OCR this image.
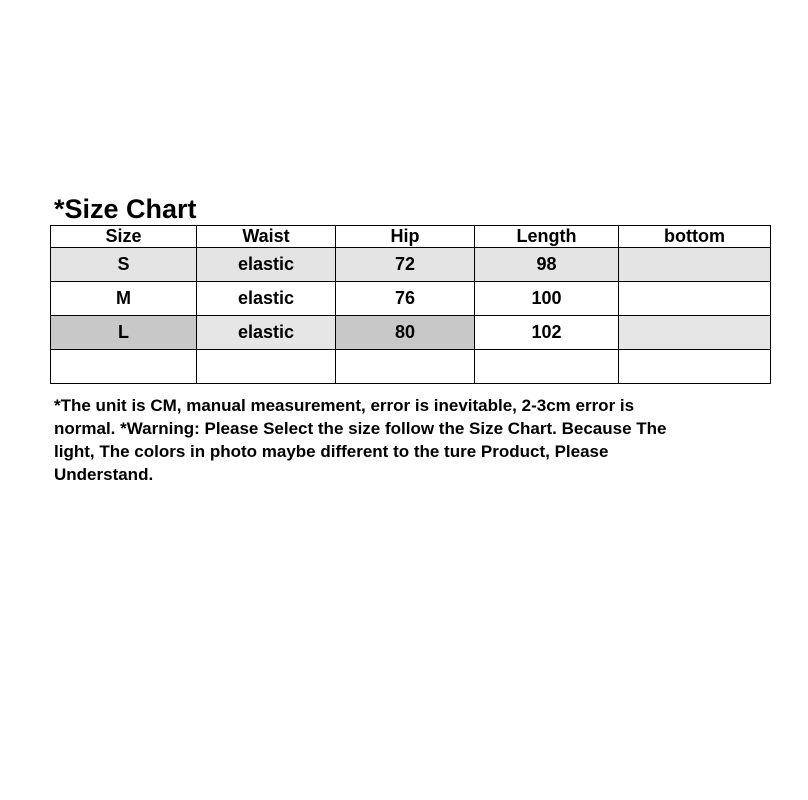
*Size Chart
Size	Waist	Hip	Length	bottom
S	elastic	72	98	
M	elastic	76	100	
L	elastic	80	102	

*The unit is CM, manual measurement, error is inevitable, 2-3cm error is
normal. *Warning: Please Select the size follow the Size Chart. Because The
light, The colors in photo maybe different to the ture Product, Please
Understand.
